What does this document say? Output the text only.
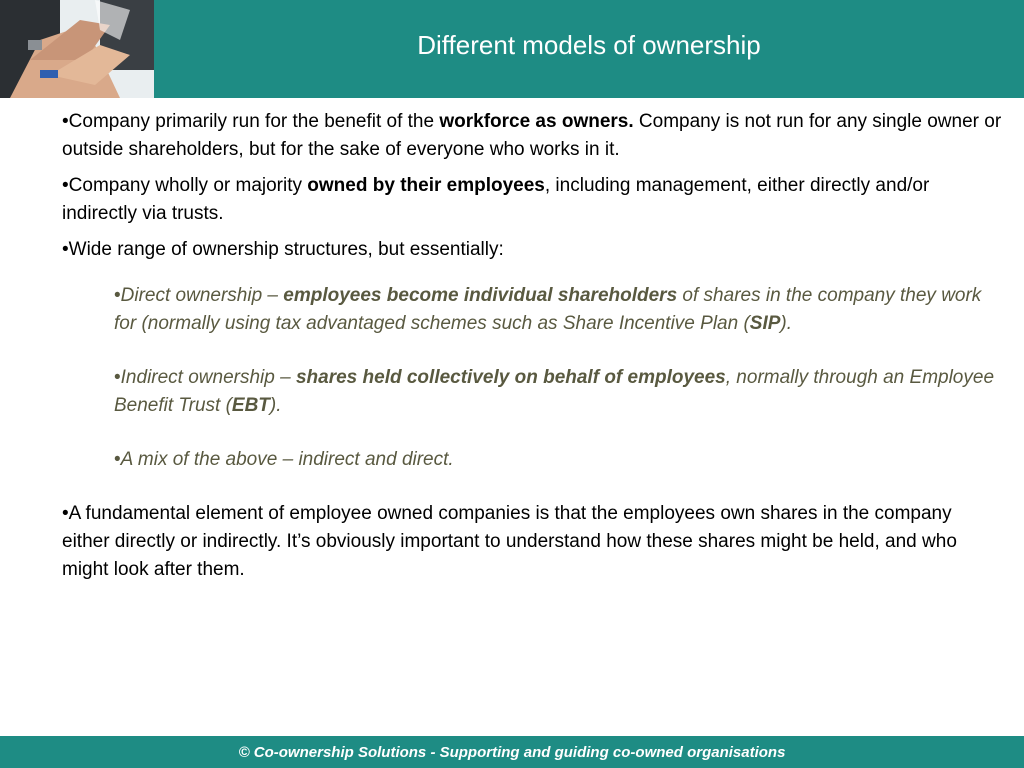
Different models of ownership

•Company primarily run for the benefit of the workforce as owners. Company is not run for any single owner or outside shareholders, but for the sake of everyone who works in it.

•Company wholly or majority owned by their employees, including management, either directly and/or indirectly via trusts.

•Wide range of ownership structures, but essentially:

•Direct ownership – employees become individual shareholders of shares in the company they work for (normally using tax advantaged schemes such as Share Incentive Plan (SIP).
•Indirect ownership – shares held collectively on behalf of employees, normally through an Employee Benefit Trust (EBT).
•A mix of the above – indirect and direct.

•A fundamental element of employee owned companies is that the employees own shares in the company either directly or indirectly. It’s obviously important to understand how these shares might be held, and who might look after them.

© Co-ownership Solutions - Supporting and guiding co-owned organisations
